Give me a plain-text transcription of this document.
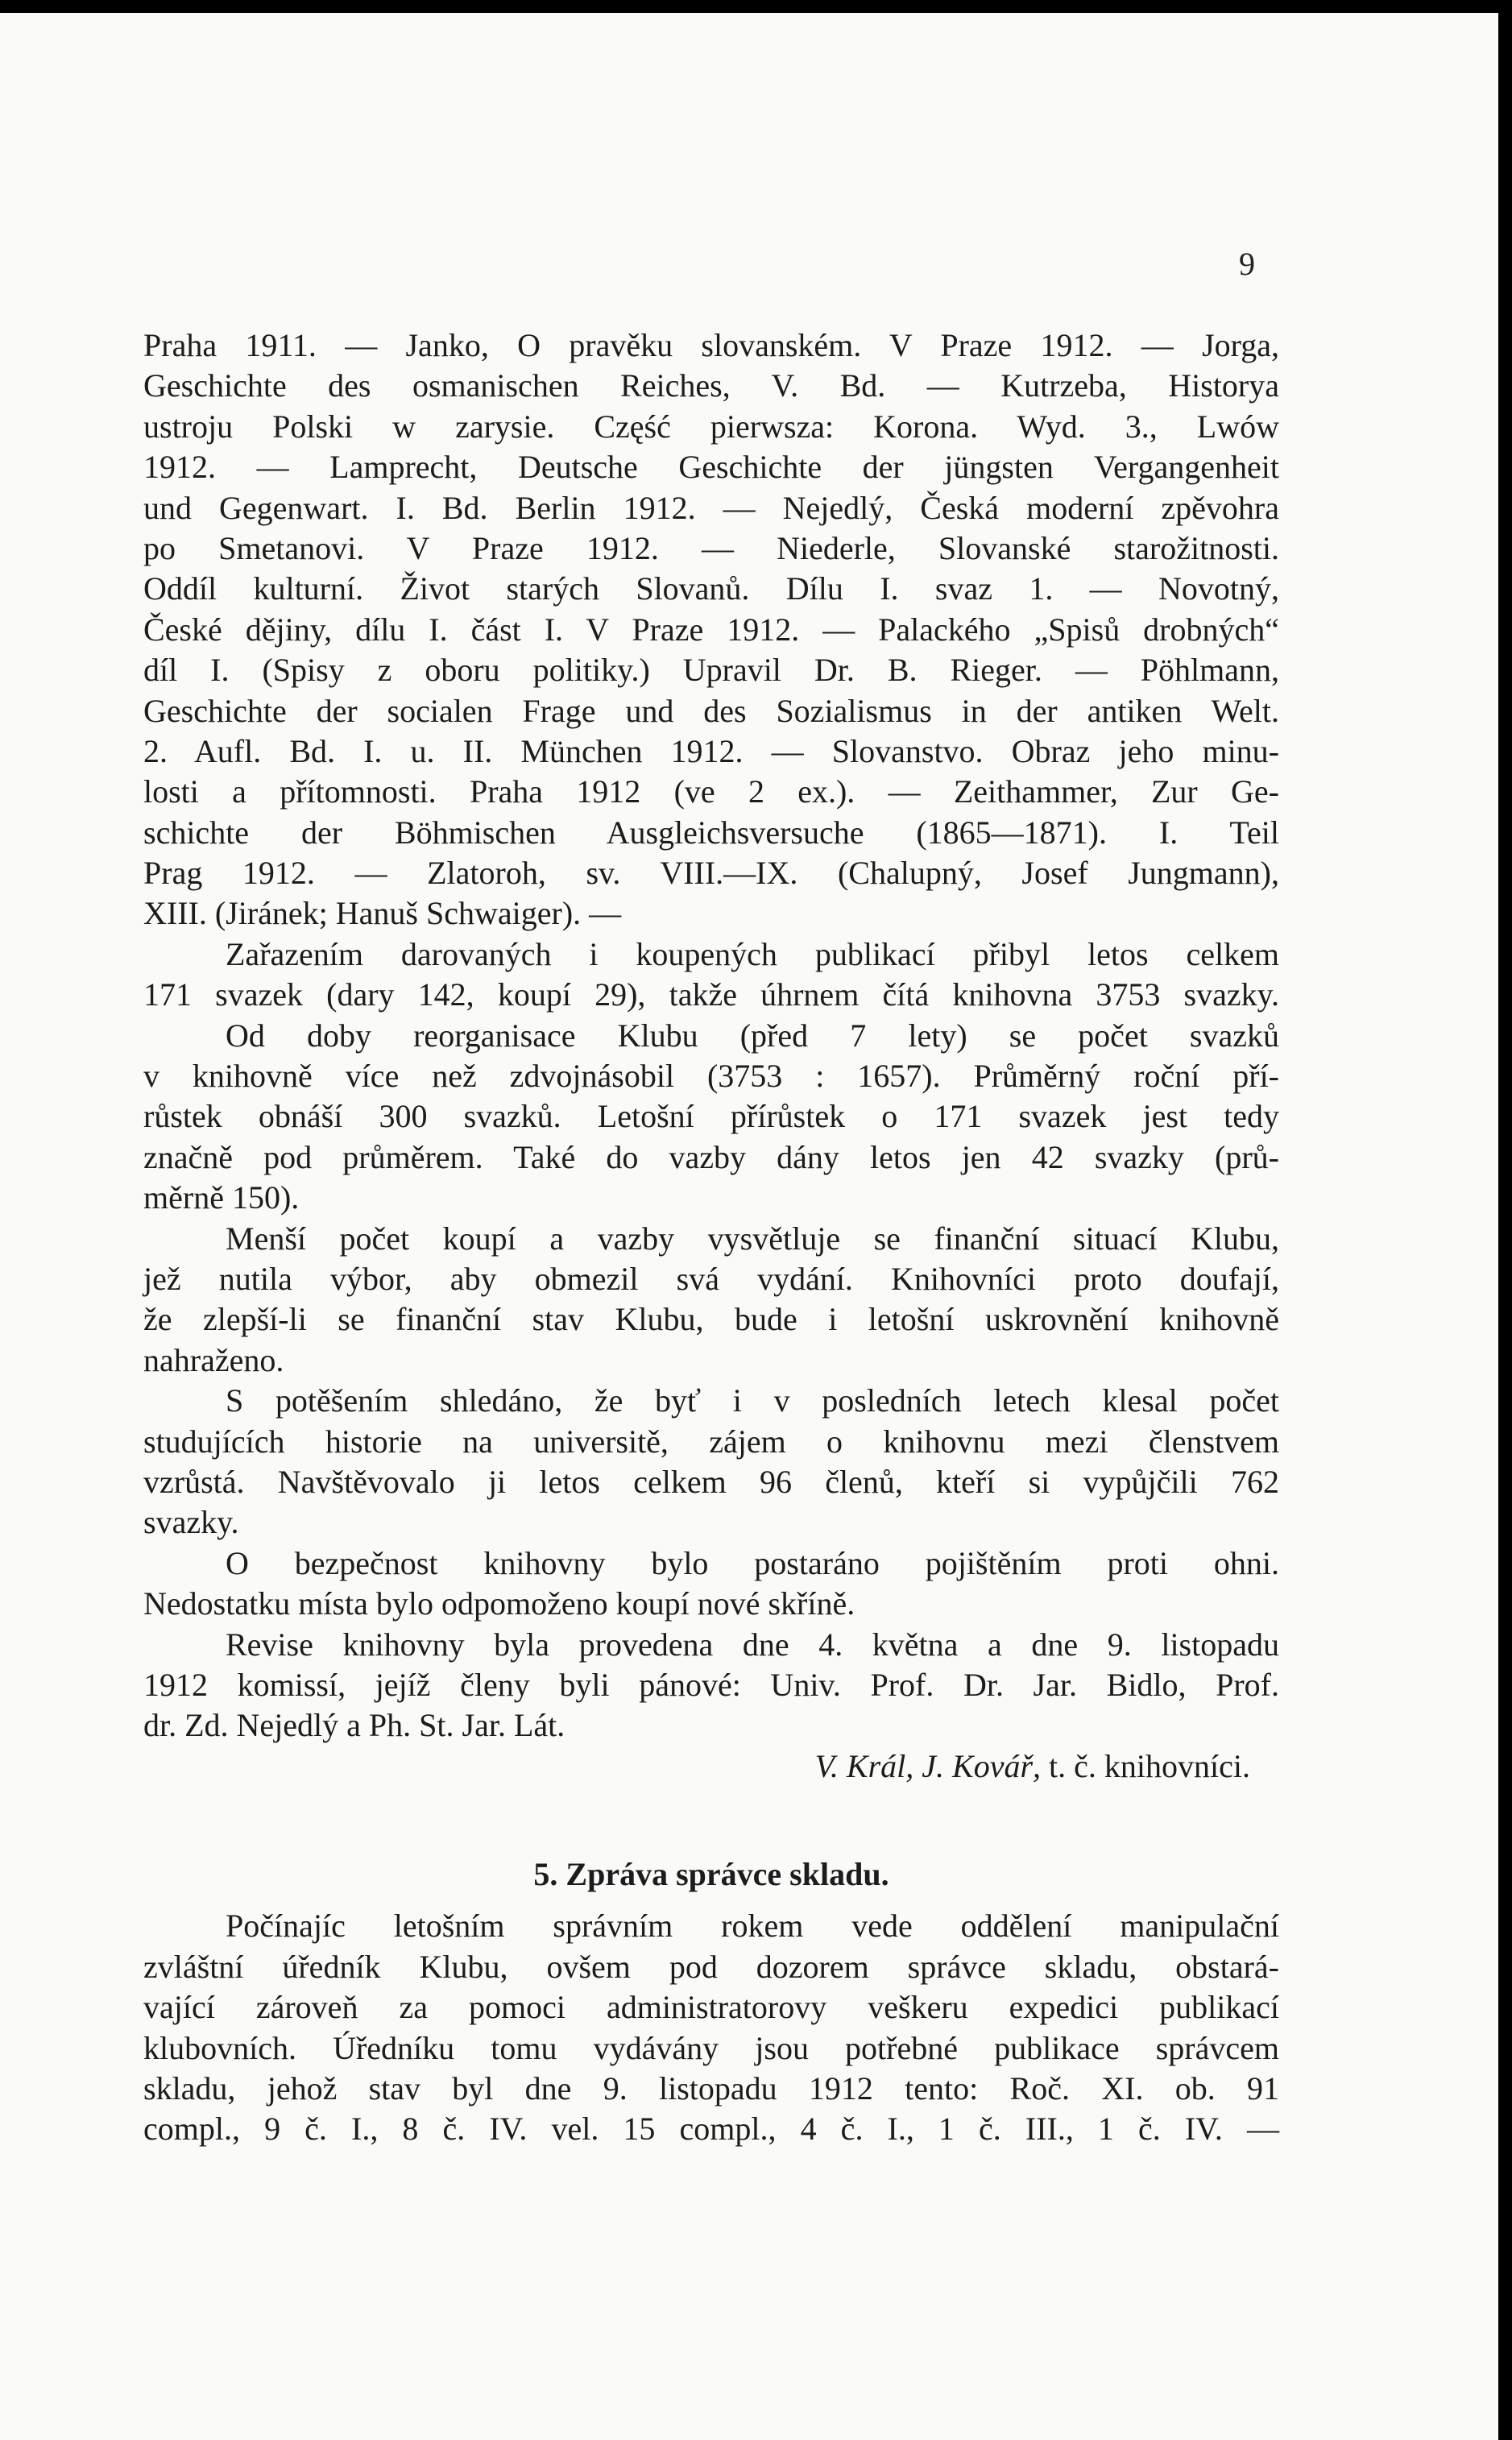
9
Praha 1911. — Janko, O pravěku slovanském. V Praze 1912. — Jorga,
Geschichte des osmanischen Reiches, V. Bd. — Kutrzeba, Historya
ustroju Polski w zarysie. Część pierwsza: Korona. Wyd. 3., Lwów
1912. — Lamprecht, Deutsche Geschichte der jüngsten Vergangenheit
und Gegenwart. I. Bd. Berlin 1912. — Nejedlý, Česká moderní zpěvohra
po Smetanovi. V Praze 1912. — Niederle, Slovanské starožitnosti.
Oddíl kulturní. Život starých Slovanů. Dílu I. svaz 1. — Novotný,
České dějiny, dílu I. část I. V Praze 1912. — Palackého „Spisů drobných“
díl I. (Spisy z oboru politiky.) Upravil Dr. B. Rieger. — Pöhlmann,
Geschichte der socialen Frage und des Sozialismus in der antiken Welt.
2. Aufl. Bd. I. u. II. München 1912. — Slovanstvo. Obraz jeho minu-
losti a přítomnosti. Praha 1912 (ve 2 ex.). — Zeithammer, Zur Ge-
schichte der Böhmischen Ausgleichsversuche (1865—1871). I. Teil
Prag 1912. — Zlatoroh, sv. VIII.—IX. (Chalupný, Josef Jungmann),
XIII. (Jiránek; Hanuš Schwaiger). —
Zařazením darovaných i koupených publikací přibyl letos celkem
171 svazek (dary 142, koupí 29), takže úhrnem čítá knihovna 3753 svazky.
Od doby reorganisace Klubu (před 7 lety) se počet svazků
v knihovně více než zdvojnásobil (3753 : 1657). Průměrný roční pří-
růstek obnáší 300 svazků. Letošní přírůstek o 171 svazek jest tedy
značně pod průměrem. Také do vazby dány letos jen 42 svazky (prů-
měrně 150).
Menší počet koupí a vazby vysvětluje se finanční situací Klubu,
jež nutila výbor, aby obmezil svá vydání. Knihovníci proto doufají,
že zlepší-li se finanční stav Klubu, bude i letošní uskrovnění knihovně
nahraženo.
S potěšením shledáno, že byť i v posledních letech klesal počet
studujících historie na universitě, zájem o knihovnu mezi členstvem
vzrůstá. Navštěvovalo ji letos celkem 96 členů, kteří si vypůjčili 762
svazky.
O bezpečnost knihovny bylo postaráno pojištěním proti ohni.
Nedostatku místa bylo odpomoženo koupí nové skříně.
Revise knihovny byla provedena dne 4. května a dne 9. listopadu
1912 komissí, jejíž členy byli pánové: Univ. Prof. Dr. Jar. Bidlo, Prof.
dr. Zd. Nejedlý a Ph. St. Jar. Lát.
V. Král, J. Kovář, t. č. knihovníci.
5. Zpráva správce skladu.
Počínajíc letošním správním rokem vede oddělení manipulační
zvláštní úředník Klubu, ovšem pod dozorem správce skladu, obstará-
vající zároveň za pomoci administratorovy veškeru expedici publikací
klubovních. Úředníku tomu vydávány jsou potřebné publikace správcem
skladu, jehož stav byl dne 9. listopadu 1912 tento: Roč. XI. ob. 91
compl., 9 č. I., 8 č. IV. vel. 15 compl., 4 č. I., 1 č. III., 1 č. IV. —
